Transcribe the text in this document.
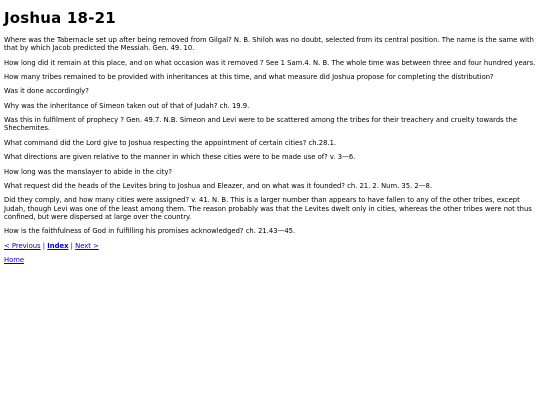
Joshua 18-21

Where was the Tabernacle set up after being removed from Gilgal? N. B. Shiloh was no doubt, selected from its central position. The name is the same with that by which Jacob predicted the Messiah. Gen. 49. 10.

How long did it remain at this place, and on what occasion was it removed ? See 1 Sam.4. N. B. The whole time was between three and four hundred years.

How many tribes remained to be provided with inheritances at this time, and what measure did Joshua propose for completing the distribution?

Was it done accordingly?

Why was the inheritance of Simeon taken out of that of Judah? ch. 19.9.

Was this in fulfilment of prophecy ? Gen. 49.7. N.B. Simeon and Levi were to be scattered among the tribes for their treachery and cruelty towards the Shechemites.

What command did the Lord give to Joshua respecting the appointment of certain cities? ch.28.1.

What directions are given relative to the manner in which these cities were to be made use of? v. 3—6.

How long was the manslayer to abide in the city?

What request did the heads of the Levites bring to Joshua and Eleazer, and on what was it founded? ch. 21. 2. Num. 35. 2—8.

Did they comply, and how many cities were assigned? v. 41. N. B. This is a larger number than appears to have fallen to any of the other tribes, except Judah, though Levi was one of the least among them. The reason probably was that the Levites dwelt only in cities, whereas the other tribes were not thus confined, but were dispersed at large over the country.

How is the faithfulness of God in fulfilling his promises acknowledged? ch. 21.43—45.

< Previous | Index | Next >
Home
